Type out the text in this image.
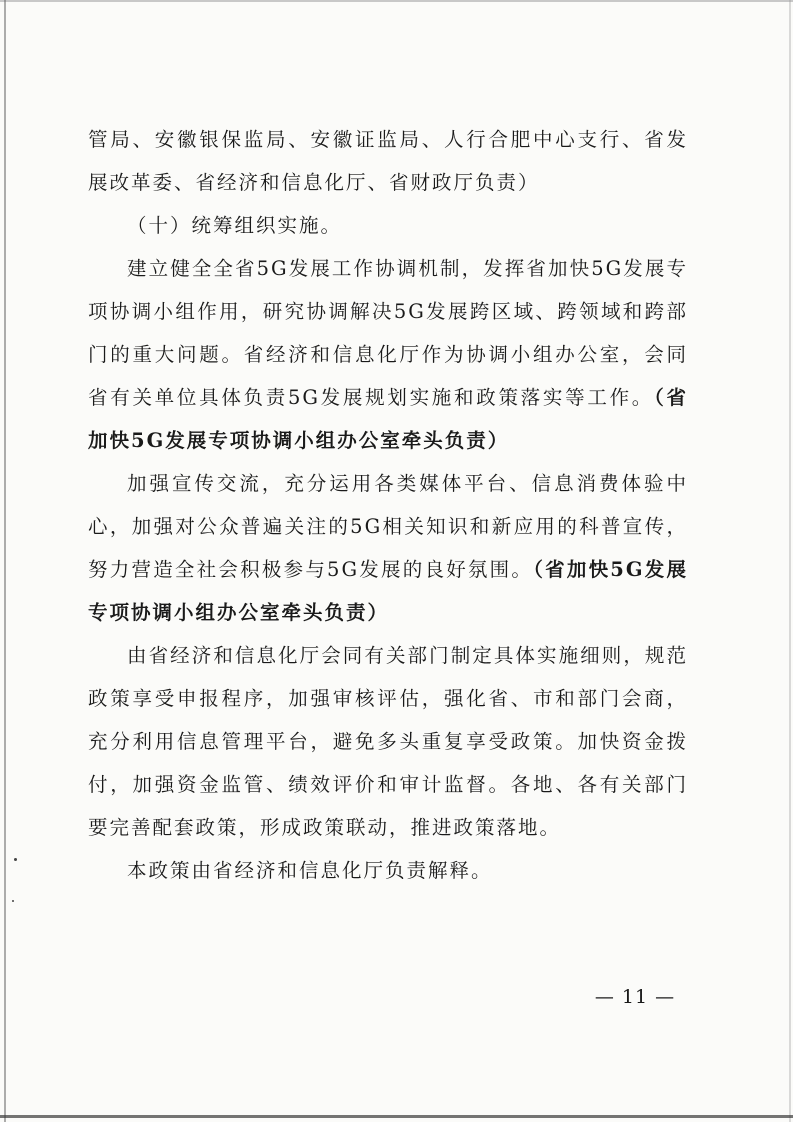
管局、安徽银保监局、安徽证监局、人行合肥中心支行、省发展改革委、省经济和信息化厅、省财政厅负责）

（十）统筹组织实施。

建立健全全省5G发展工作协调机制，发挥省加快5G发展专项协调小组作用，研究协调解决5G发展跨区域、跨领域和跨部门的重大问题。省经济和信息化厅作为协调小组办公室，会同省有关单位具体负责5G发展规划实施和政策落实等工作。（省加快5G发展专项协调小组办公室牵头负责）

加强宣传交流，充分运用各类媒体平台、信息消费体验中心，加强对公众普遍关注的5G相关知识和新应用的科普宣传，努力营造全社会积极参与5G发展的良好氛围。（省加快5G发展专项协调小组办公室牵头负责）

由省经济和信息化厅会同有关部门制定具体实施细则，规范政策享受申报程序，加强审核评估，强化省、市和部门会商，充分利用信息管理平台，避免多头重复享受政策。加快资金拨付，加强资金监管、绩效评价和审计监督。各地、各有关部门要完善配套政策，形成政策联动，推进政策落地。

本政策由省经济和信息化厅负责解释。

— 11 —
